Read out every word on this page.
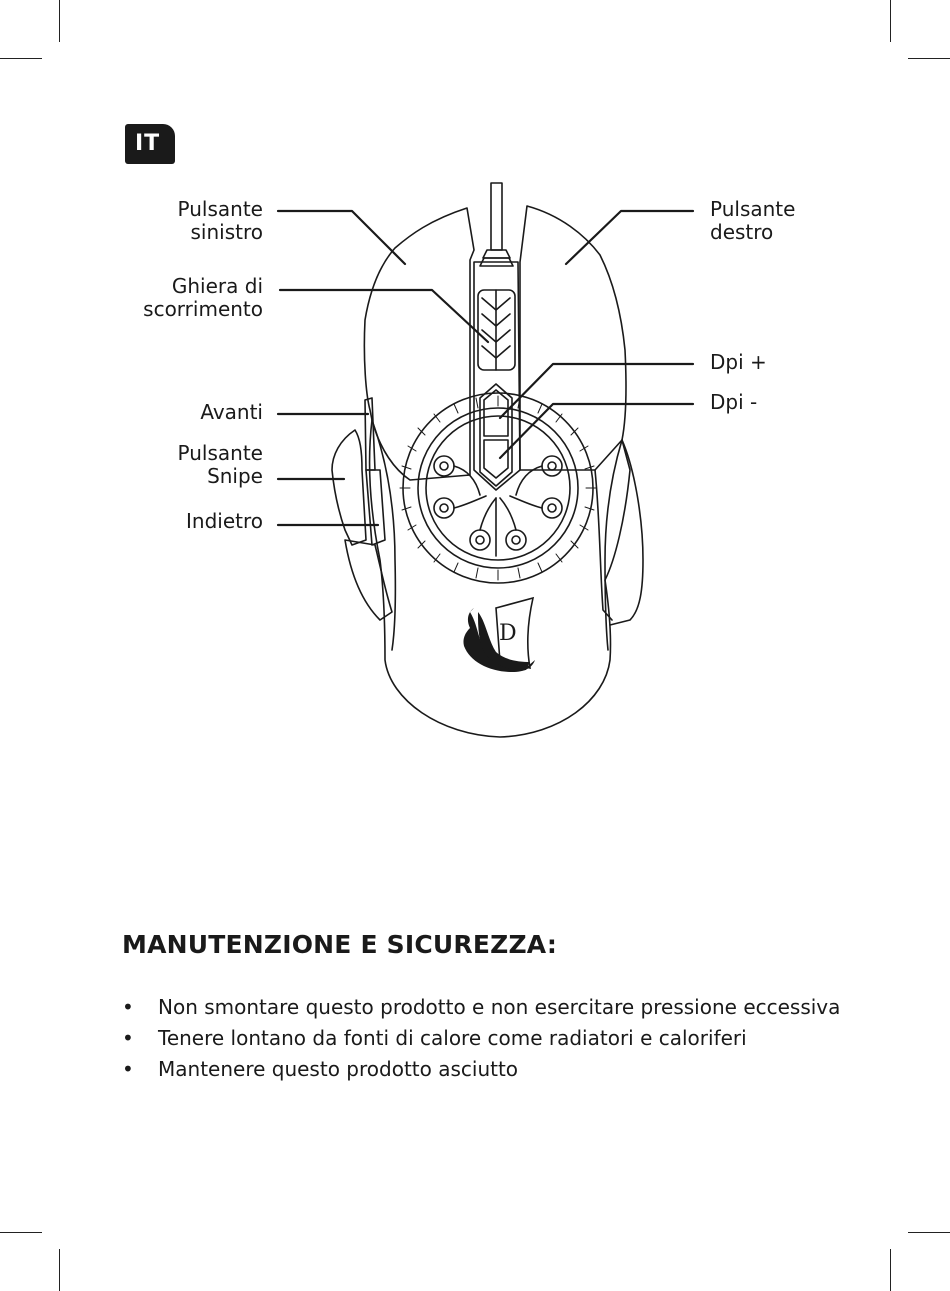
IT
D
Pulsante
sinistro
Ghiera di
scorrimento
Avanti
Pulsante
Snipe
Indietro
Pulsante
destro
Dpi +
Dpi -
MANUTENZIONE E SICUREZZA:
• Non smontare questo prodotto e non esercitare pressione eccessiva
• Tenere lontano da fonti di calore come radiatori e caloriferi
• Mantenere questo prodotto asciutto
